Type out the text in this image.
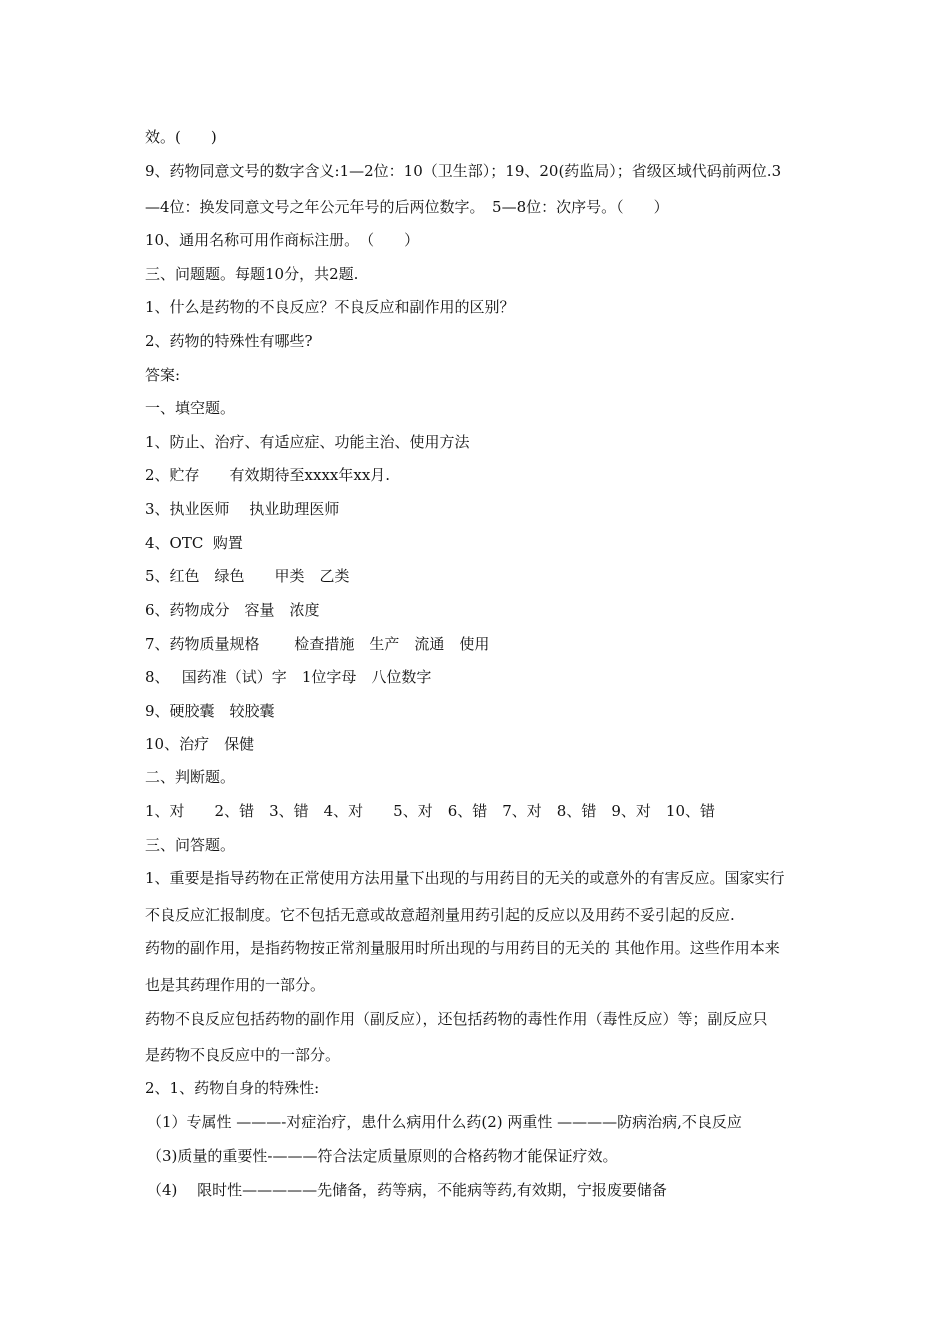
效。(　　)
9、药物同意文号的数字含义:1—2位：10（卫生部）；19、20(药监局）；省级区域代码前两位.3
—4位：换发同意文号之年公元年号的后两位数字。　5—8位：次序号。（　　）
10、通用名称可用作商标注册。　（　　）
三、问题题。每题10分，共2题.
1、什么是药物的不良反应？不良反应和副作用的区别？
2、药物的特殊性有哪些?
答案:
一、填空题。
1、防止、治疗、有适应症、功能主治、使用方法
2、贮存　　有效期待至xxxx年xx月.
3、执业医师　 执业助理医师
4、OTC  购置
5、红色　绿色　　甲类　乙类
6、药物成分　容量　浓度
7、药物质量规格　　 检查措施　生产　流通　使用
8、　 国药准（试）字　1位字母　八位数字
9、硬胶囊　较胶囊
10、治疗　保健
二、判断题。
1、对　　2、错　3、错　4、对　　5、对　6、错　7、对　8、错　9、对　10、错
三、问答题。
1、重要是指导药物在正常使用方法用量下出现的与用药目的无关的或意外的有害反应。国家实行
不良反应汇报制度。它不包括无意或故意超剂量用药引起的反应以及用药不妥引起的反应.
药物的副作用，是指药物按正常剂量服用时所出现的与用药目的无关的 其他作用。这些作用本来
也是其药理作用的一部分。
药物不良反应包括药物的副作用（副反应），还包括药物的毒性作用（毒性反应）等；副反应只
是药物不良反应中的一部分。
2、1、药物自身的特殊性:
（1）专属性 ———-对症治疗，患什么病用什么药(2) 两重性 ————防病治病,不良反应
（3)质量的重要性-———符合法定质量原则的合格药物才能保证疗效。
（4)　 限时性—————先储备，药等病，不能病等药,有效期，宁报废要储备
